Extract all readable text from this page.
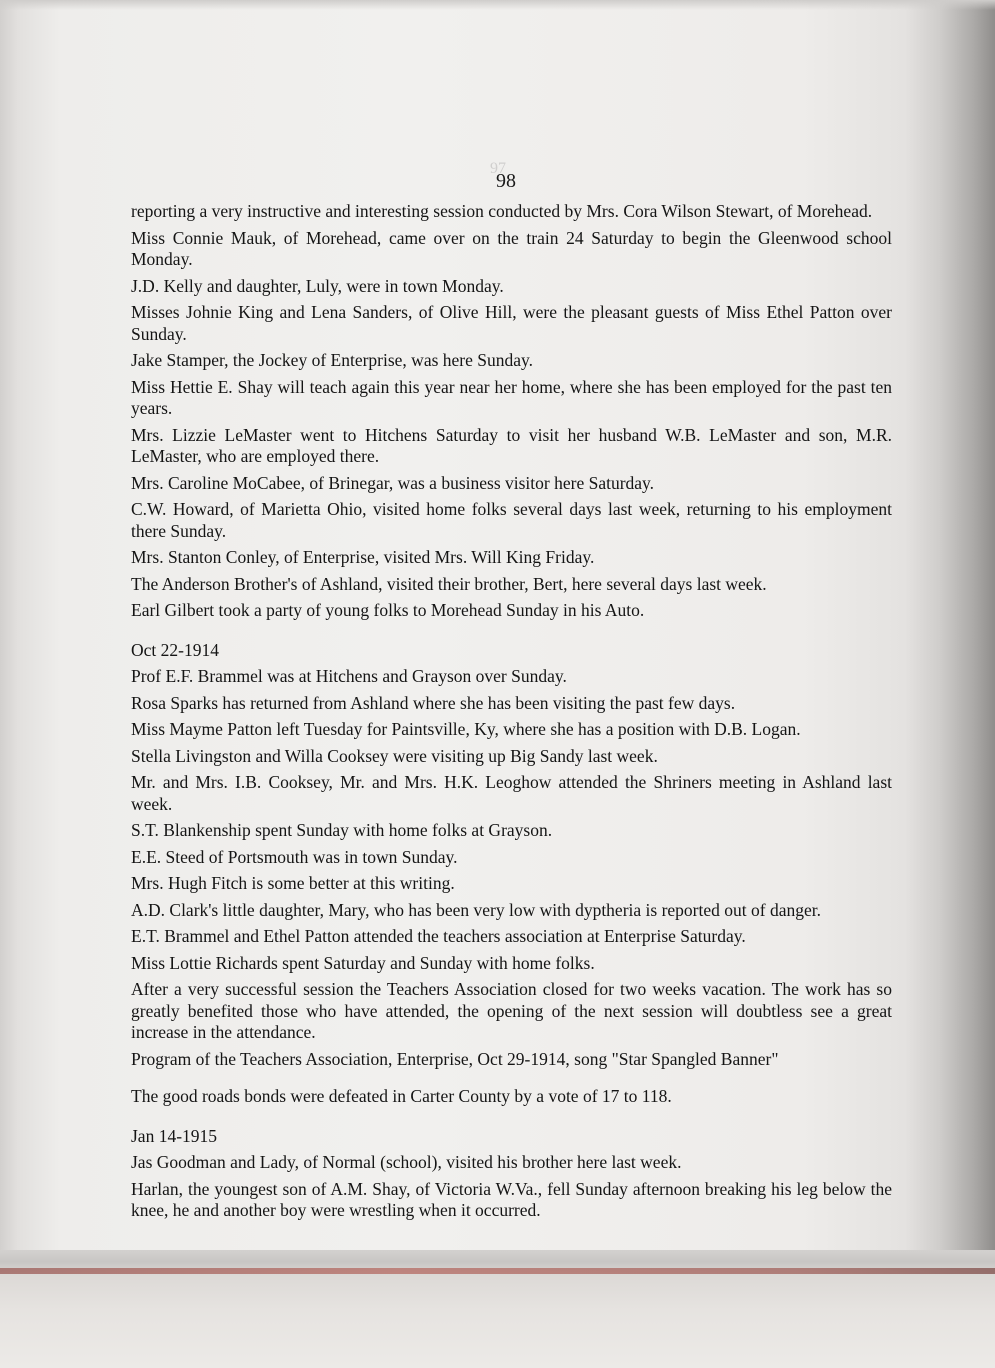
97
98

reporting a very instructive and interesting session conducted by Mrs. Cora Wilson Stewart, of Morehead.

Miss Connie Mauk, of Morehead, came over on the train 24 Saturday to begin the Gleenwood school Monday.

J.D. Kelly and daughter, Luly, were in town Monday.

Misses Johnie King and Lena Sanders, of Olive Hill, were the pleasant guests of Miss Ethel Patton over Sunday.

Jake Stamper, the Jockey of Enterprise, was here Sunday.

Miss Hettie E. Shay will teach again this year near her home, where she has been employed for the past ten years.

Mrs. Lizzie LeMaster went to Hitchens Saturday to visit her husband W.B. LeMaster and son, M.R. LeMaster, who are employed there.

Mrs. Caroline MoCabee, of Brinegar, was a business visitor here Saturday.

C.W. Howard, of Marietta Ohio, visited home folks several days last week, returning to his employment there Sunday.

Mrs. Stanton Conley, of Enterprise, visited Mrs. Will King Friday.

The Anderson Brother's of Ashland, visited their brother, Bert, here several days last week.

Earl Gilbert took a party of young folks to Morehead Sunday in his Auto.

Oct 22-1914

Prof E.F. Brammel was at Hitchens and Grayson over Sunday.

Rosa Sparks has returned from Ashland where she has been visiting the past few days.

Miss Mayme Patton left Tuesday for Paintsville, Ky, where she has a position with D.B. Logan.

Stella Livingston and Willa Cooksey were visiting up Big Sandy last week.

Mr. and Mrs. I.B. Cooksey, Mr. and Mrs. H.K. Leoghow attended the Shriners meeting in Ashland last week.

S.T. Blankenship spent Sunday with home folks at Grayson.

E.E. Steed of Portsmouth was in town Sunday.

Mrs. Hugh Fitch is some better at this writing.

A.D. Clark's little daughter, Mary, who has been very low with dyptheria is reported out of danger.

E.T. Brammel and Ethel Patton attended the teachers association at Enterprise Saturday.

Miss Lottie Richards spent Saturday and Sunday with home folks.

After a very successful session the Teachers Association closed for two weeks vacation. The work has so greatly benefited those who have attended, the opening of the next session will doubtless see a great increase in the attendance.

Program of the Teachers Association, Enterprise, Oct 29-1914, song "Star Spangled Banner"

The good roads bonds were defeated in Carter County by a vote of 17 to 118.

Jan 14-1915

Jas Goodman and Lady, of Normal (school), visited his brother here last week.

Harlan, the youngest son of A.M. Shay, of Victoria W.Va., fell Sunday afternoon breaking his leg below the knee, he and another boy were wrestling when it occurred.
